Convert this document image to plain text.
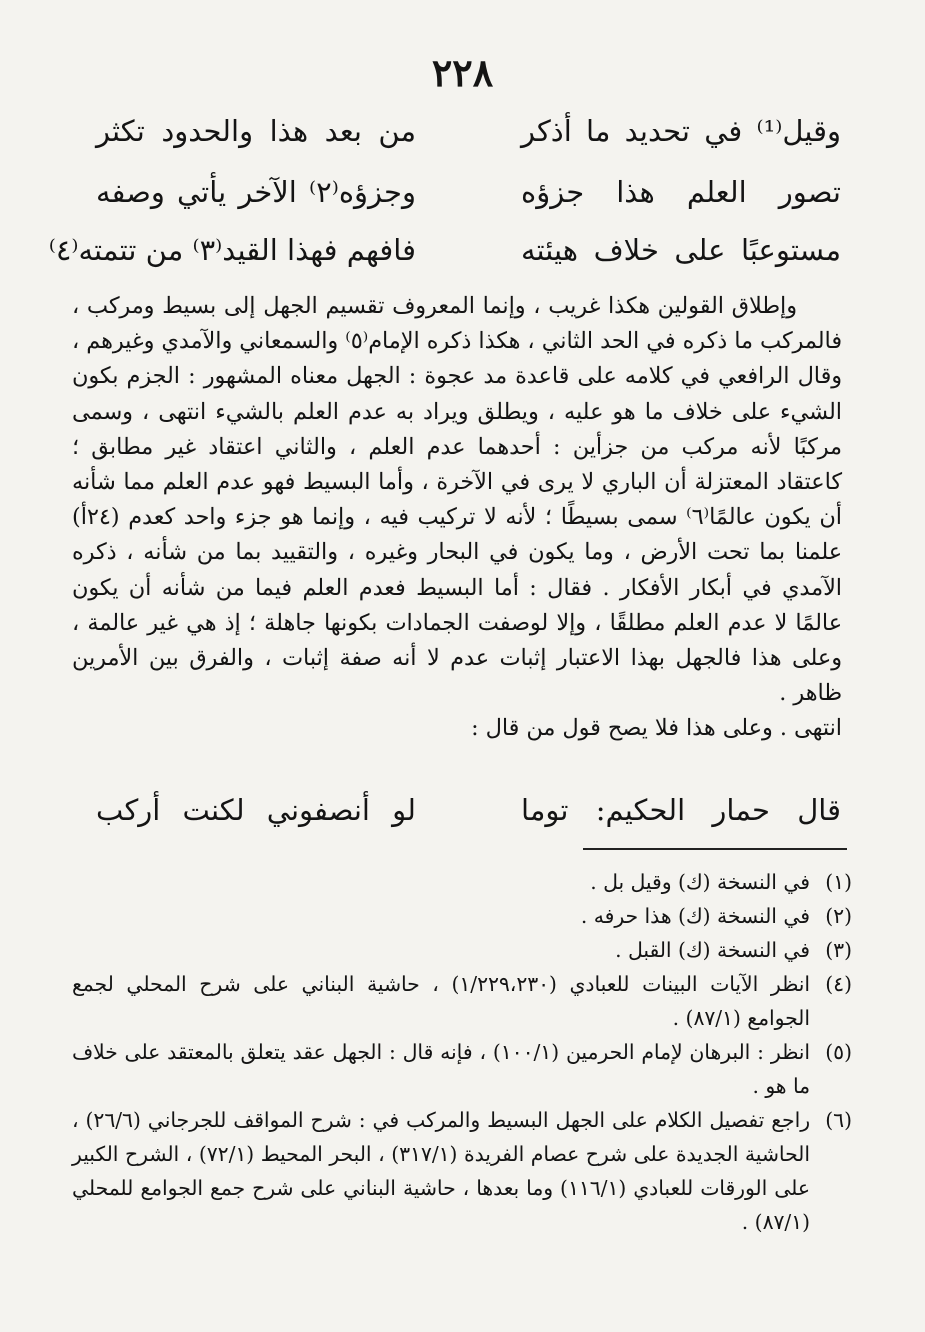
٢٢٨
وقيل⁽¹⁾ في تحديد ما أذكر
من بعد هذا والحدود تكثر
تصور العلم هذا جزؤه
وجزؤه⁽٢⁾ الآخر يأتي وصفه
مستوعبًا على خلاف هيئته
فافهم فهذا القيد⁽٣⁾ من تتمته⁽٤⁾

وإطلاق القولين هكذا غريب ، وإنما المعروف تقسيم الجهل إلى بسيط ومركب ، فالمركب ما ذكره في الحد الثاني ، هكذا ذكره الإمام⁽٥⁾ والسمعاني والآمدي وغيرهم ، وقال الرافعي في كلامه على قاعدة مد عجوة : الجهل معناه المشهور : الجزم بكون الشيء على خلاف ما هو عليه ، ويطلق ويراد به عدم العلم بالشيء انتهى ، وسمى مركبًا لأنه مركب من جزأين : أحدهما عدم العلم ، والثاني اعتقاد غير مطابق ؛ كاعتقاد المعتزلة أن الباري لا يرى في الآخرة ، وأما البسيط فهو عدم العلم مما شأنه أن يكون عالمًا⁽٦⁾ سمى بسيطًا ؛ لأنه لا تركيب فيه ، وإنما هو جزء واحد كعدم (٢٤أ) علمنا بما تحت الأرض ، وما يكون في البحار وغيره ، والتقييد بما من شأنه ، ذكره الآمدي في أبكار الأفكار . فقال : أما البسيط فعدم العلم فيما من شأنه أن يكون عالمًا لا عدم العلم مطلقًا ، وإلا لوصفت الجمادات بكونها جاهلة ؛ إذ هي غير عالمة ، وعلى هذا فالجهل بهذا الاعتبار إثبات عدم لا أنه صفة إثبات ، والفرق بين الأمرين ظاهر .

انتهى . وعلى هذا فلا يصح قول من قال :

قال حمار الحكيم: توما
لو أنصفوني لكنت أركب
(١)
في النسخة (ك) وقيل بل .
(٢)
في النسخة (ك) هذا حرفه .
(٣)
في النسخة (ك) القبل .
(٤)
انظر الآيات البينات للعبادي (١/٢٢٩،٢٣٠) ، حاشية البناني على شرح المحلي لجمع الجوامع (٨٧/١) .
(٥)
انظر : البرهان لإمام الحرمين (١٠٠/١) ، فإنه قال : الجهل عقد يتعلق بالمعتقد على خلاف ما هو .
(٦)
راجع تفصيل الكلام على الجهل البسيط والمركب في : شرح المواقف للجرجاني (٢٦/٦) ، الحاشية الجديدة على شرح عصام الفريدة (٣١٧/١) ، البحر المحيط (٧٢/١) ، الشرح الكبير على الورقات للعبادي (١١٦/١) وما بعدها ، حاشية البناني على شرح جمع الجوامع للمحلي (٨٧/١) .
